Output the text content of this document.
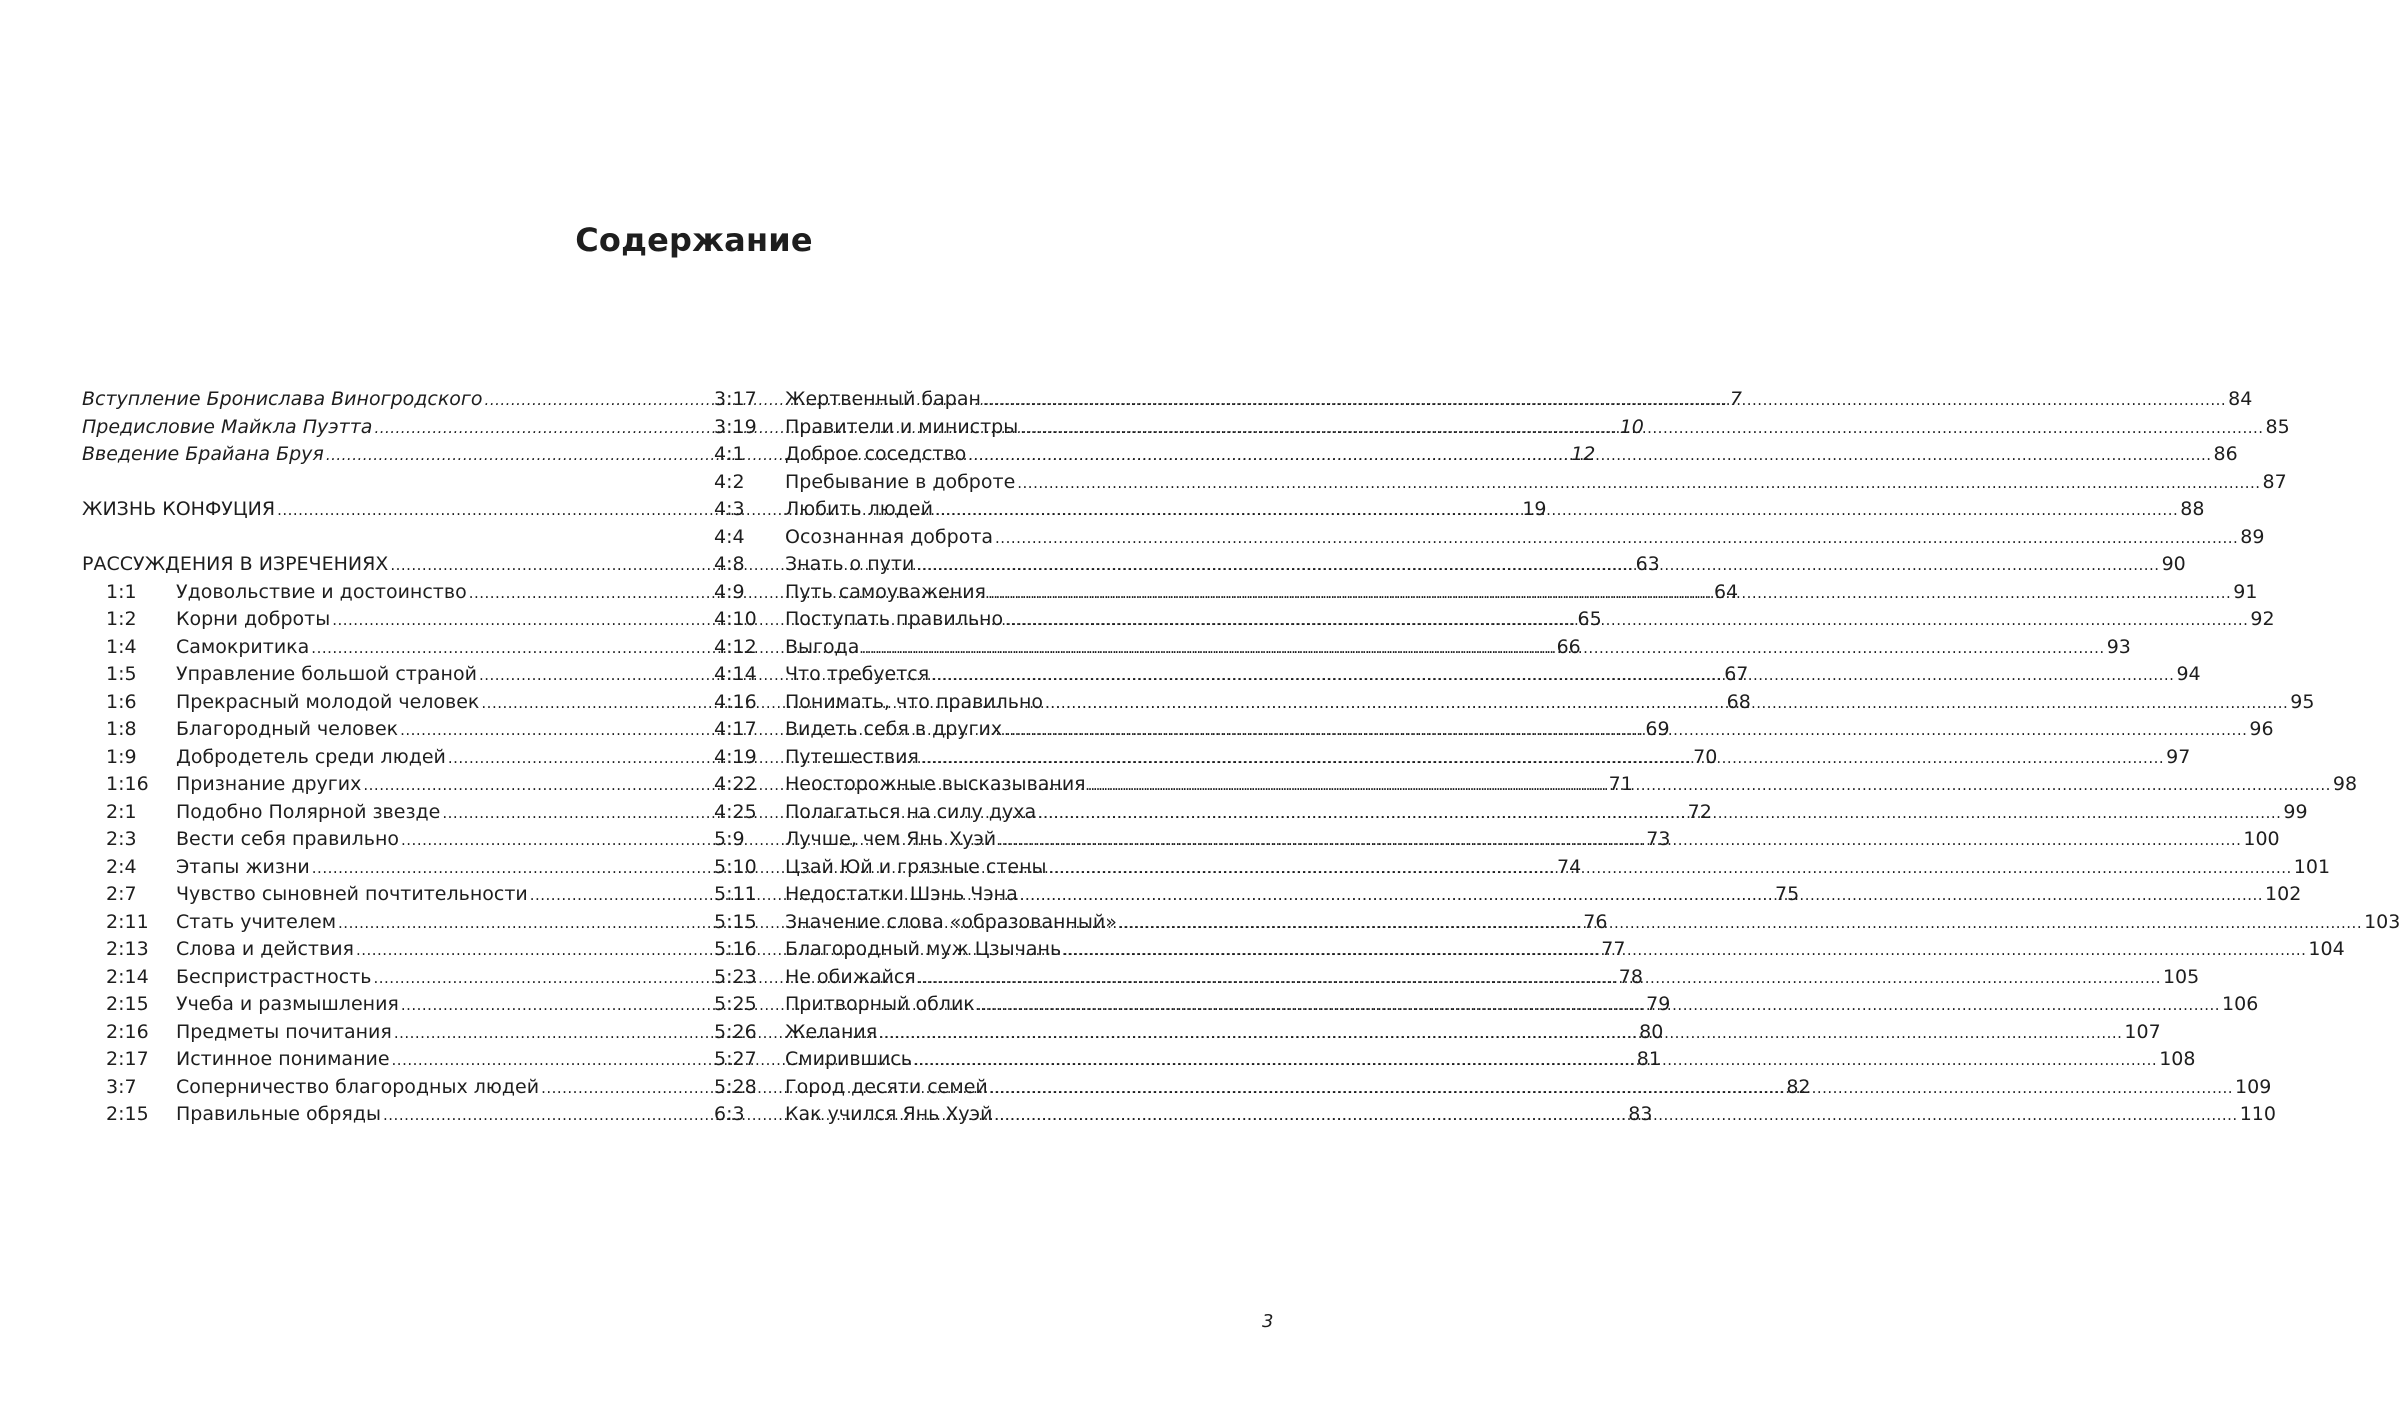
Содержание
Вступление Бронислава Виногродского .....	7
Предисловие Майкла Пуэтта .....	10
Введение Брайана Бруя .....	12
ЖИЗНЬ КОНФУЦИЯ .....	19
РАССУЖДЕНИЯ В ИЗРЕЧЕНИЯХ .....	63
1:1	Удовольствие и достоинство .....	64
1:2	Корни доброты .....	65
1:4	Самокритика .....	66
1:5	Управление большой страной .....	67
1:6	Прекрасный молодой человек .....	68
1:8	Благородный человек .....	69
1:9	Добродетель среди людей .....	70
1:16	Признание других .....	71
2:1	Подобно Полярной звезде .....	72
2:3	Вести себя правильно .....	73
2:4	Этапы жизни .....	74
2:7	Чувство сыновней почтительности .....	75
2:11	Стать учителем .....	76
2:13	Слова и действия .....	77
2:14	Беспристрастность .....	78
2:15	Учеба и размышления .....	79
2:16	Предметы почитания .....	80
2:17	Истинное понимание .....	81
3:7	Соперничество благородных людей .....	82
2:15	Правильные обряды .....	83
3:17	Жертвенный баран .....	84
3:19	Правители и министры .....	85
4:1	Доброе соседство .....	86
4:2	Пребывание в доброте .....	87
4:3	Любить людей .....	88
4:4	Осознанная доброта .....	89
4:8	Знать о пути .....	90
4:9	Путь самоуважения .....	91
4:10	Поступать правильно .....	92
4:12	Выгода .....	93
4:14	Что требуется .....	94
4:16	Понимать, что правильно .....	95
4:17	Видеть себя в других .....	96
4:19	Путешествия .....	97
4:22	Неосторожные высказывания .....	98
4:25	Полагаться на силу духа .....	99
5:9	Лучше, чем Янь Хуэй .....	100
5:10	Цзай Юй и грязные стены .....	101
5:11	Недостатки Шэнь Чэна .....	102
5:15	Значение слова «образованный» .....	103
5:16	Благородный муж Цзычань .....	104
5:23	Не обижайся .....	105
5:25	Притворный облик .....	106
5:26	Желания .....	107
5:27	Смирившись .....	108
5:28	Город десяти семей .....	109
6:3	Как учился Янь Хуэй .....	110
3
